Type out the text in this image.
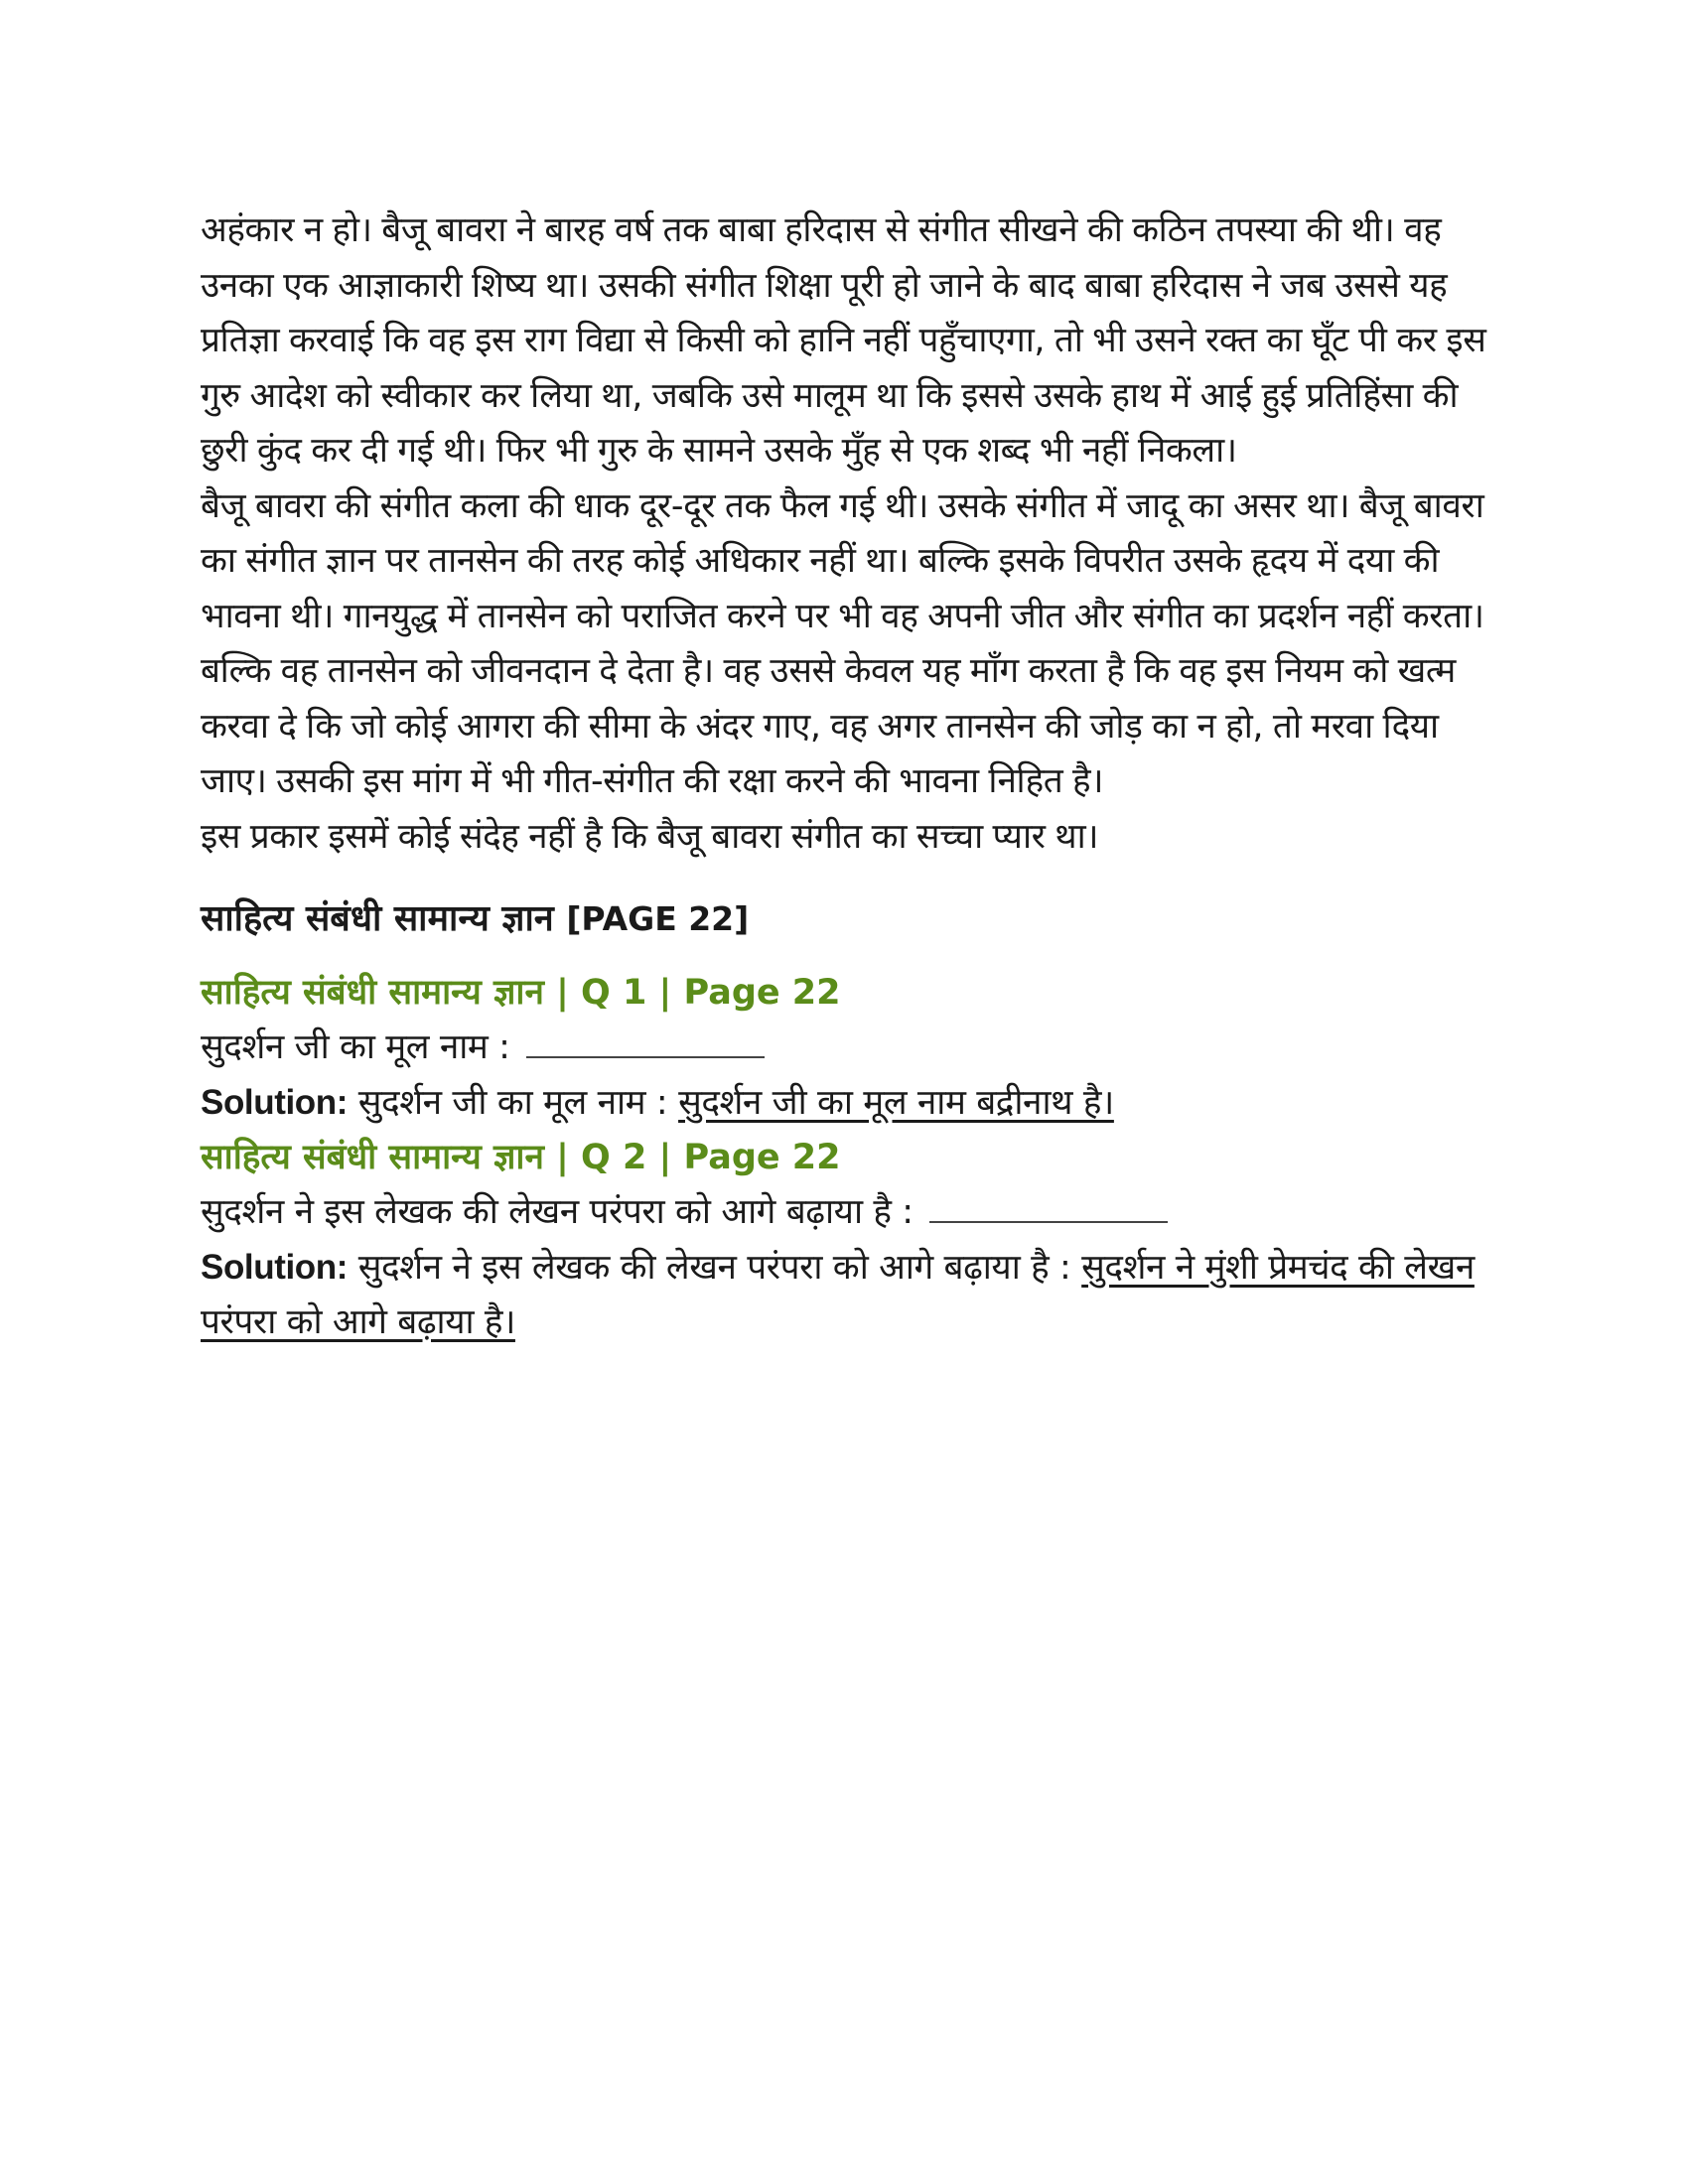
अहंकार न हो। बैजू बावरा ने बारह वर्ष तक बाबा हरिदास से संगीत सीखने की कठिन तपस्या की थी। वह उनका एक आज्ञाकारी शिष्य था। उसकी संगीत शिक्षा पूरी हो जाने के बाद बाबा हरिदास ने जब उससे यह प्रतिज्ञा करवाई कि वह इस राग विद्या से किसी को हानि नहीं पहुँचाएगा, तो भी उसने रक्त का घूँट पी कर इस गुरु आदेश को स्वीकार कर लिया था, जबकि उसे मालूम था कि इससे उसके हाथ में आई हुई प्रतिहिंसा की छुरी कुंद कर दी गई थी। फिर भी गुरु के सामने उसके मुँह से एक शब्द भी नहीं निकला।

बैजू बावरा की संगीत कला की धाक दूर-दूर तक फैल गई थी। उसके संगीत में जादू का असर था। बैजू बावरा का संगीत ज्ञान पर तानसेन की तरह कोई अधिकार नहीं था। बल्कि इसके विपरीत उसके हृदय में दया की भावना थी। गानयुद्ध में तानसेन को पराजित करने पर भी वह अपनी जीत और संगीत का प्रदर्शन नहीं करता। बल्कि वह तानसेन को जीवनदान दे देता है। वह उससे केवल यह माँग करता है कि वह इस नियम को खत्म करवा दे कि जो कोई आगरा की सीमा के अंदर गाए, वह अगर तानसेन की जोड़ का न हो, तो मरवा दिया जाए। उसकी इस मांग में भी गीत-संगीत की रक्षा करने की भावना निहित है।

इस प्रकार इसमें कोई संदेह नहीं है कि बैजू बावरा संगीत का सच्चा प्यार था।

साहित्य संबंधी सामान्य ज्ञान [PAGE 22]

साहित्य संबंधी सामान्य ज्ञान | Q 1 | Page 22

सुदर्शन जी का मूल नाम :

Solution: सुदर्शन जी का मूल नाम : सुदर्शन जी का मूल नाम बद्रीनाथ है।

साहित्य संबंधी सामान्य ज्ञान | Q 2 | Page 22

सुदर्शन ने इस लेखक की लेखन परंपरा को आगे बढ़ाया है :

Solution: सुदर्शन ने इस लेखक की लेखन परंपरा को आगे बढ़ाया है : सुदर्शन ने मुंशी प्रेमचंद की लेखन परंपरा को आगे बढ़ाया है।
